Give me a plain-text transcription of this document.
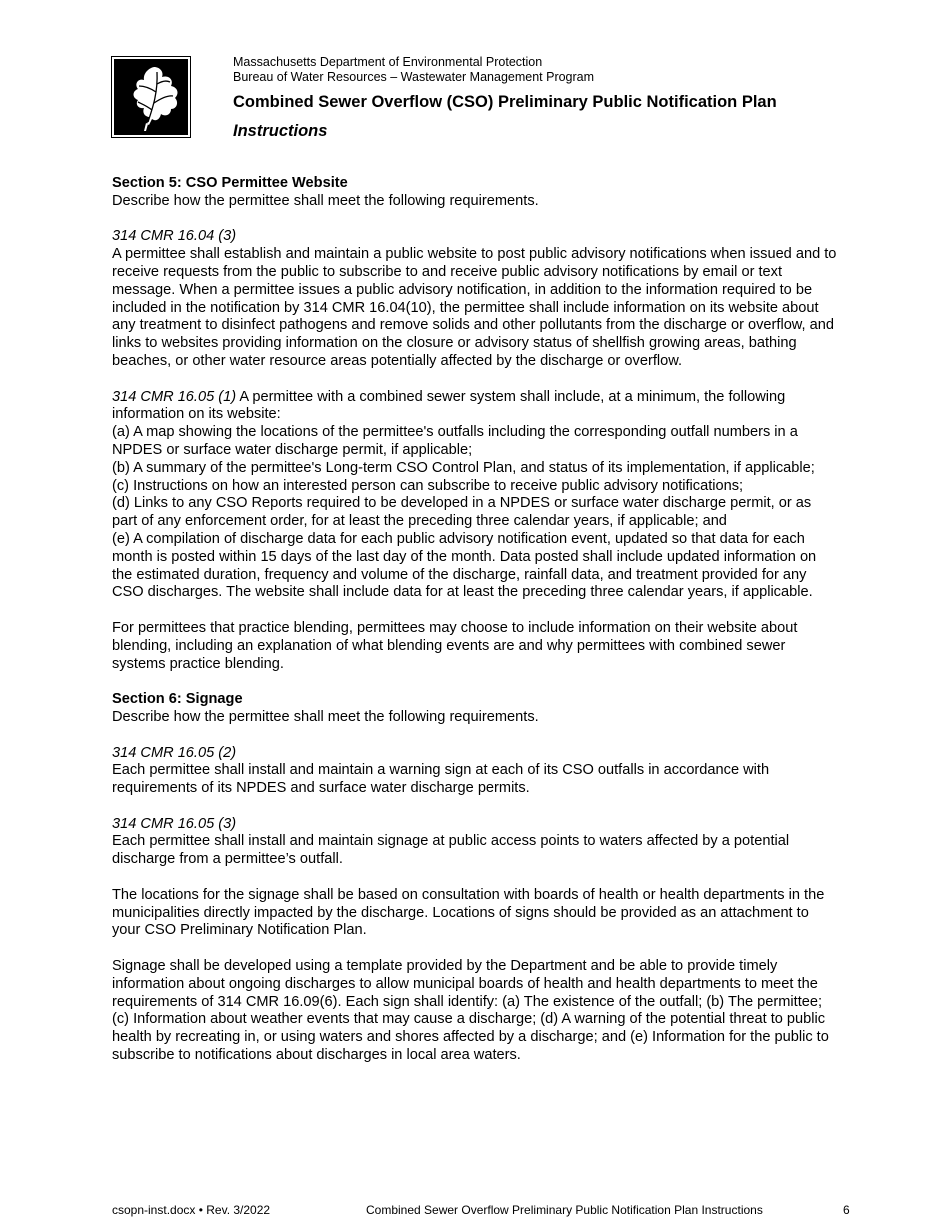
Massachusetts Department of Environmental Protection
Bureau of Water Resources – Wastewater Management Program
Combined Sewer Overflow (CSO) Preliminary Public Notification Plan
Instructions

Section 5: CSO Permittee Website

Describe how the permittee shall meet the following requirements.

314 CMR 16.04 (3)

A permittee shall establish and maintain a public website to post public advisory notifications when issued and to receive requests from the public to subscribe to and receive public advisory notifications by email or text message. When a permittee issues a public advisory notification, in addition to the information required to be included in the notification by 314 CMR 16.04(10), the permittee shall include information on its website about any treatment to disinfect pathogens and remove solids and other pollutants from the discharge or overflow, and links to websites providing information on the closure or advisory status of shellfish growing areas, bathing beaches, or other water resource areas potentially affected by the discharge or overflow.

314 CMR 16.05 (1) A permittee with a combined sewer system shall include, at a minimum, the following information on its website:

(a) A map showing the locations of the permittee's outfalls including the corresponding outfall numbers in a NPDES or surface water discharge permit, if applicable;

(b) A summary of the permittee's Long-term CSO Control Plan, and status of its implementation, if applicable;

(c) Instructions on how an interested person can subscribe to receive public advisory notifications;

(d) Links to any CSO Reports required to be developed in a NPDES or surface water discharge permit, or as part of any enforcement order, for at least the preceding three calendar years, if applicable; and

(e) A compilation of discharge data for each public advisory notification event, updated so that data for each month is posted within 15 days of the last day of the month. Data posted shall include updated information on the estimated duration, frequency and volume of the discharge, rainfall data, and treatment provided for any CSO discharges. The website shall include data for at least the preceding three calendar years, if applicable.

For permittees that practice blending, permittees may choose to include information on their website about blending, including an explanation of what blending events are and why permittees with combined sewer systems practice blending.

Section 6: Signage

Describe how the permittee shall meet the following requirements.

314 CMR 16.05 (2)

Each permittee shall install and maintain a warning sign at each of its CSO outfalls in accordance with requirements of its NPDES and surface water discharge permits.

314 CMR 16.05 (3)

Each permittee shall install and maintain signage at public access points to waters affected by a potential discharge from a permittee’s outfall.

The locations for the signage shall be based on consultation with boards of health or health departments in the municipalities directly impacted by the discharge. Locations of signs should be provided as an attachment to your CSO Preliminary Notification Plan.

Signage shall be developed using a template provided by the Department and be able to provide timely information about ongoing discharges to allow municipal boards of health and health departments to meet the requirements of 314 CMR 16.09(6). Each sign shall identify: (a) The existence of the outfall; (b) The permittee; (c) Information about weather events that may cause a discharge; (d) A warning of the potential threat to public health by recreating in, or using waters and shores affected by a discharge; and (e) Information for the public to subscribe to notifications about discharges in local area waters.

csopn-inst.docx • Rev. 3/2022	Combined Sewer Overflow Preliminary Public Notification Plan Instructions	6
